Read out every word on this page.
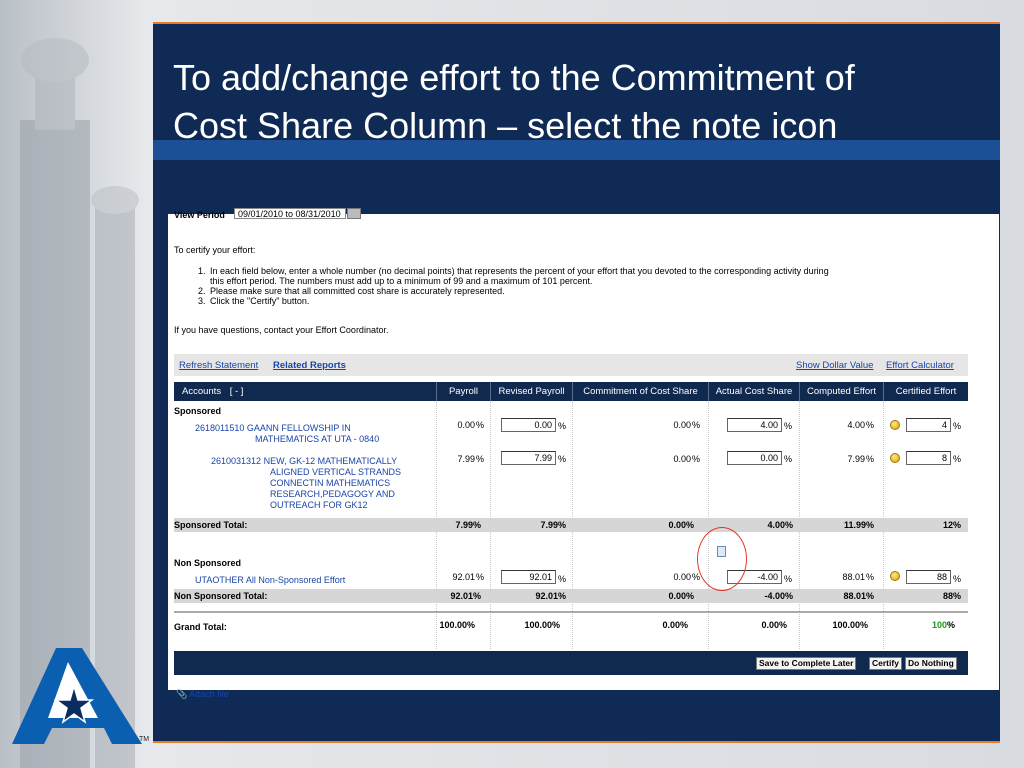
To add/change effort to the Commitment of
Cost Share Column – select the note icon
View Period	09/01/2010 to 08/31/2010
To certify your effort:
1. In each field below, enter a whole number (no decimal points) that represents the percent of your effort that you devoted to the corresponding activity during this effort period. The numbers must add up to a minimum of 99 and a maximum of 101 percent.
2. Please make sure that all committed cost share is accurately represented.
3. Click the "Certify" button.
If you have questions, contact your Effort Coordinator.
Refresh Statement Related Reports	Show Dollar Value Effort Calculator
Accounts [ - ]	Payroll	Revised Payroll	Commitment of Cost Share	Actual Cost Share	Computed Effort	Certified Effort
Sponsored
2618011510 GAANN FELLOWSHIP IN
MATHEMATICS AT UTA - 0840
0.00 %	0.00 %	0.00 %	4.00 %	4.00 %	4 %
2610031312 NEW, GK-12 MATHEMATICALLY
ALIGNED VERTICAL STRANDS
CONNECTIN MATHEMATICS
RESEARCH,PEDAGOGY AND
OUTREACH FOR GK12
7.99 %	7.99 %	0.00 %	0.00 %	7.99 %	8 %
Sponsored Total:	7.99%	7.99%	0.00%	4.00%	11.99%	12%
Non Sponsored
UTAOTHER All Non-Sponsored Effort	92.01 %	92.01 %	0.00 %	-4.00 %	88.01 %	88 %
Non Sponsored Total:	92.01%	92.01%	0.00%	-4.00%	88.01%	88%
Grand Total:	100.00%	100.00%	0.00%	0.00%	100.00%	100%
Save to Complete Later	Certify	Do Nothing
📎 Attach file
TM
